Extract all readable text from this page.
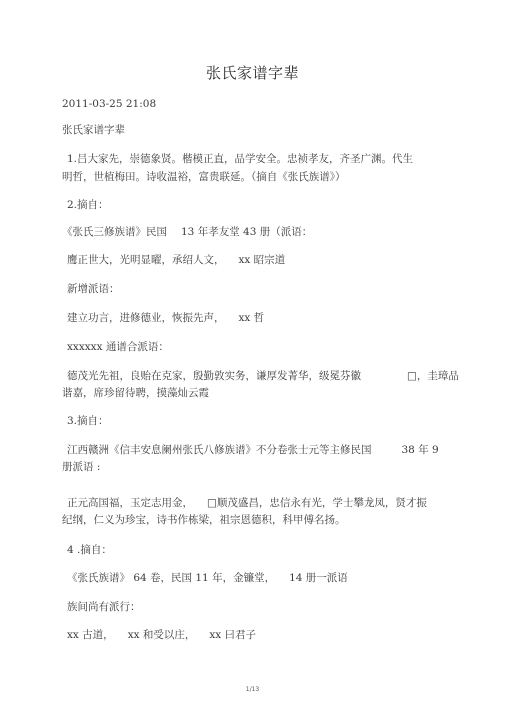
张氏家谱字辈
2011-03-25 21:08
张氏家谱字辈
1.吕大家先，崇德象贤。楷模正直，品学安全。忠祯孝友，齐圣广渊。代生
明哲，世植梅田。诗收温裕，富贵联延。（摘自《张氏族谱》）
2.摘自：
《张氏三修族谱》民国 13 年孝友堂 43 册（派语：
鹰正世大，光明显曜，承绍人文， xx 昭宗道
新增派语：
建立功言，进修德业，恢振先声， xx 哲
xxxxxx 通谱合派语：
德茂光先祖，良贻在克家，殷勤敦实务，谦厚发菁华，级冕芬徽	□，圭璋品
谐嘉，席珍留待聘，摸藻灿云霞
3.摘自：
江西赣洲《信丰安息阑州张氏八修族谱》不分卷张士元等主修民国	38 年 9
册派语 :
正元高国福，玉定志用金， □顺茂盛昌，忠信永有光，学士攀龙凤，贤才振
纪纲，仁义为珍宝，诗书作栋梁，祖宗恩德积，科甲傅名扬。
4 .摘自：
《张氏族谱》 64 卷，民国 11 年，金镰堂， 14 册一派语
族间尚有派行：
xx 古道， xx 和受以庄， xx 曰君子
1/13
